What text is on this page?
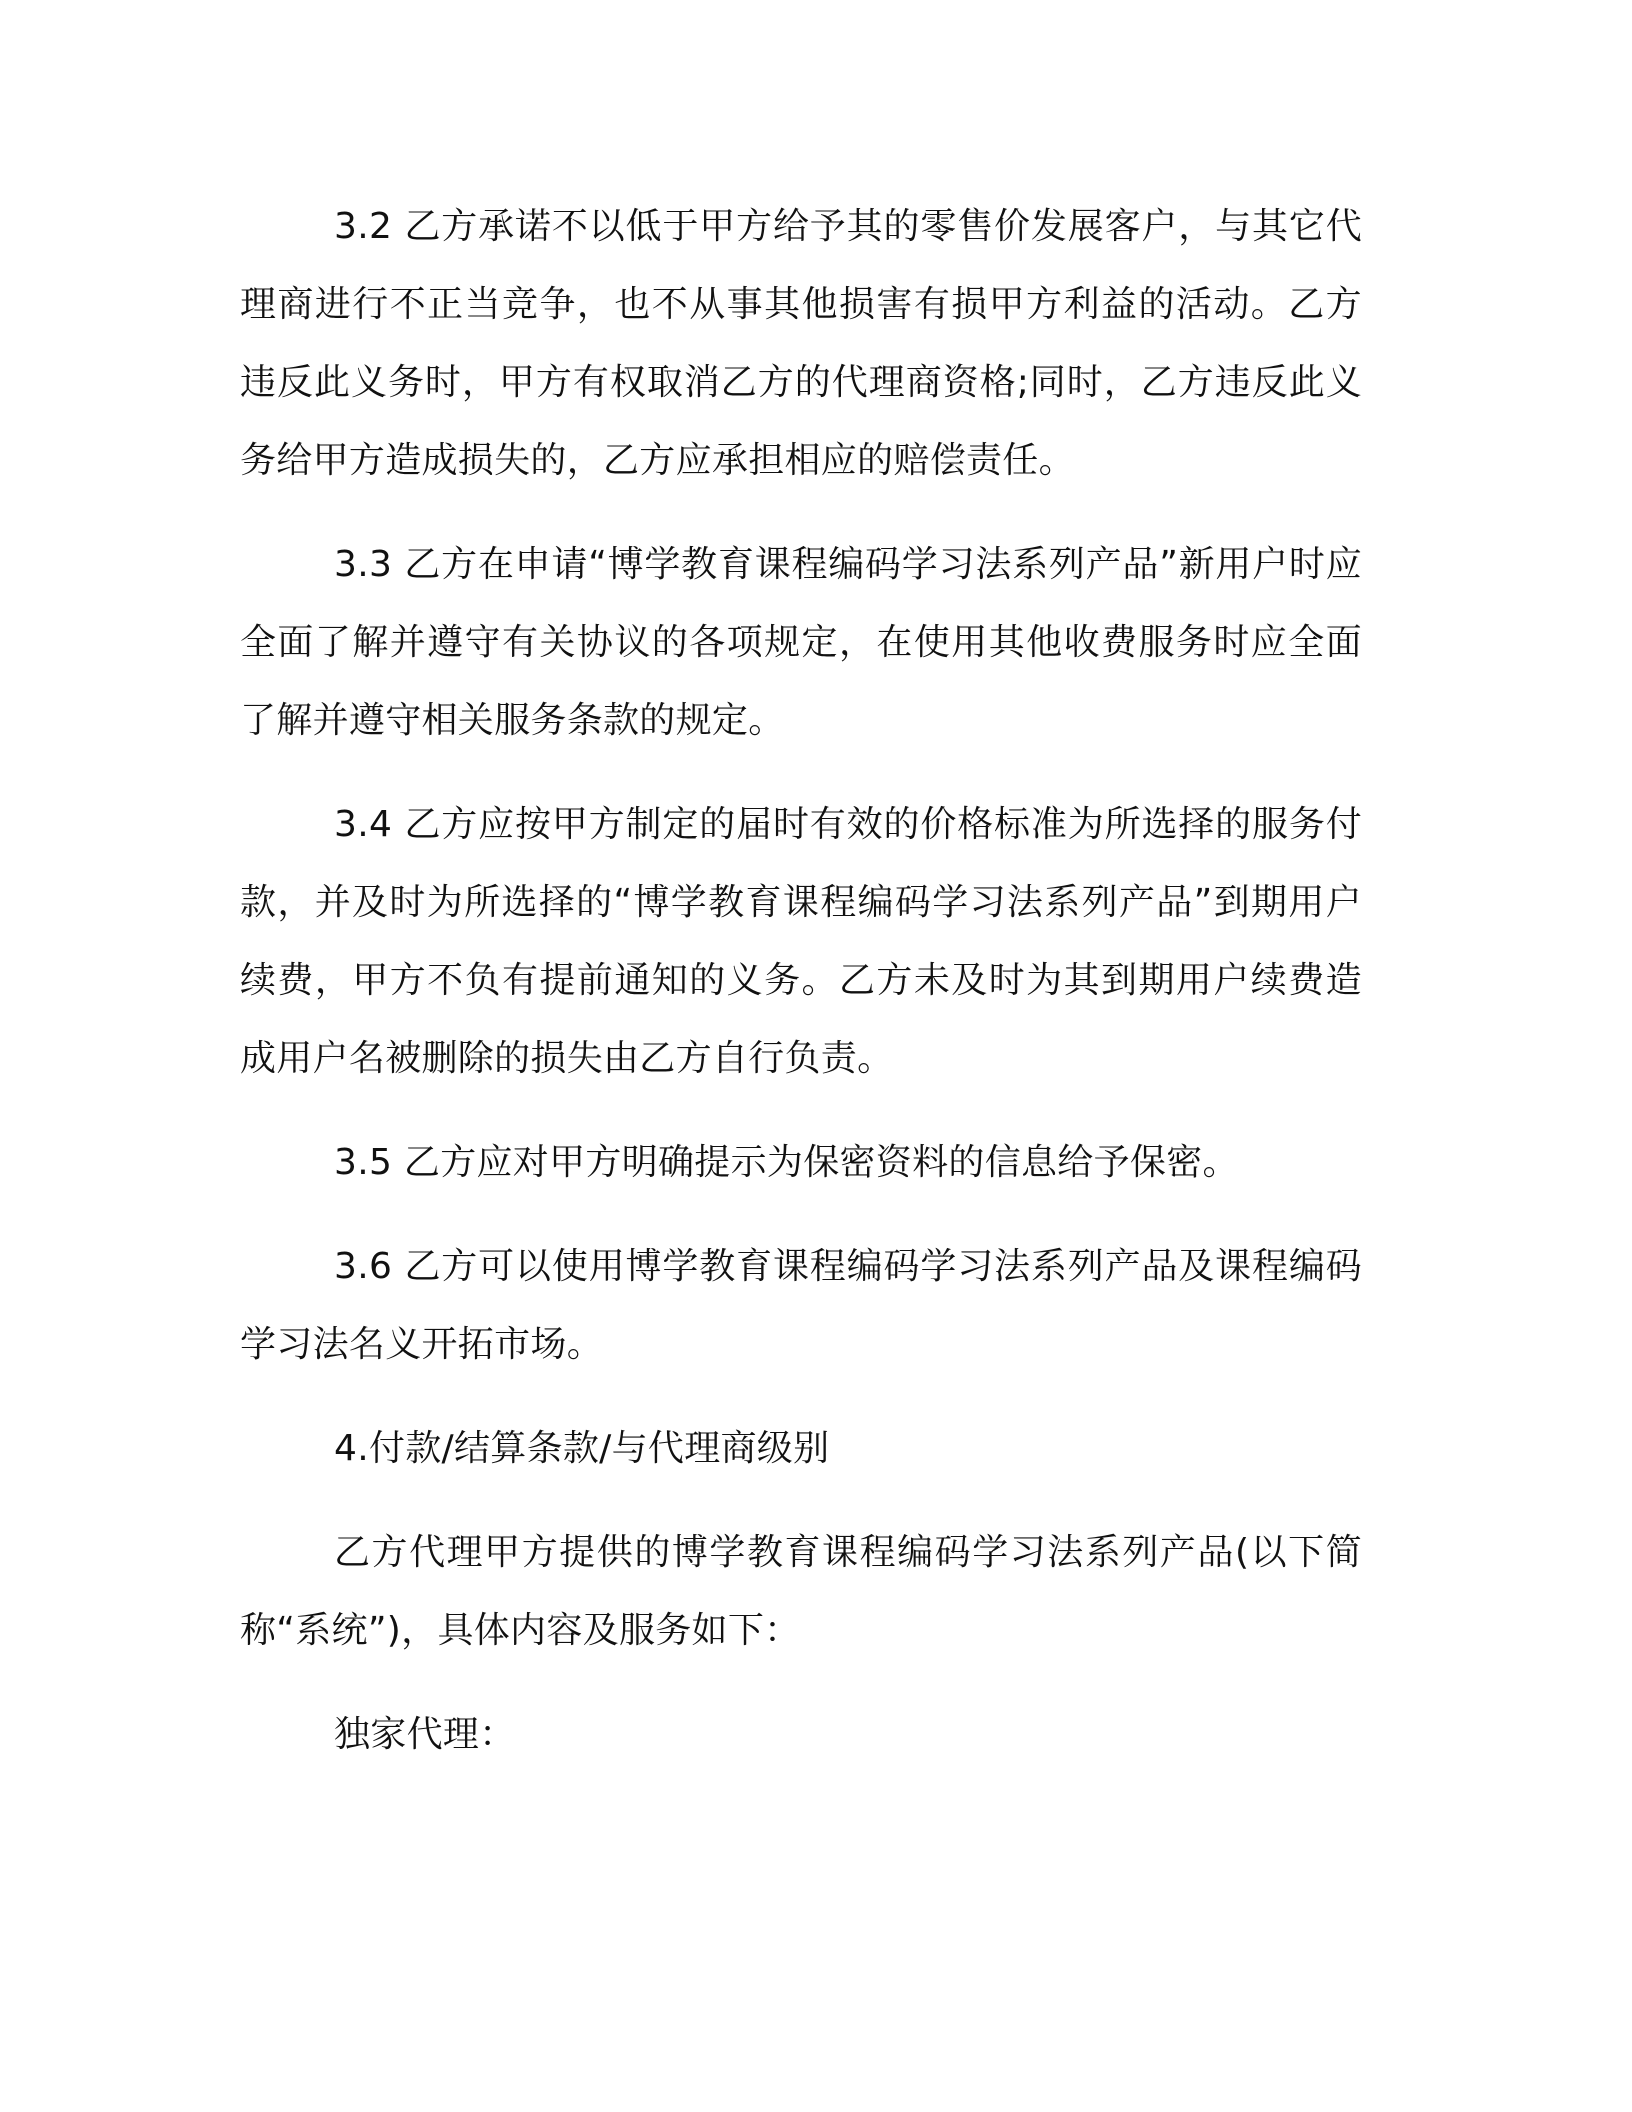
3.2 乙方承诺不以低于甲方给予其的零售价发展客户，与其它代理商进行不正当竞争，也不从事其他损害有损甲方利益的活动。乙方违反此义务时，甲方有权取消乙方的代理商资格;同时，乙方违反此义务给甲方造成损失的，乙方应承担相应的赔偿责任。

3.3 乙方在申请“博学教育课程编码学习法系列产品”新用户时应全面了解并遵守有关协议的各项规定，在使用其他收费服务时应全面了解并遵守相关服务条款的规定。

3.4 乙方应按甲方制定的届时有效的价格标准为所选择的服务付款，并及时为所选择的“博学教育课程编码学习法系列产品”到期用户续费，甲方不负有提前通知的义务。乙方未及时为其到期用户续费造成用户名被删除的损失由乙方自行负责。

3.5 乙方应对甲方明确提示为保密资料的信息给予保密。

3.6 乙方可以使用博学教育课程编码学习法系列产品及课程编码学习法名义开拓市场。

4.付款/结算条款/与代理商级别

乙方代理甲方提供的博学教育课程编码学习法系列产品(以下简称“系统”)，具体内容及服务如下：

独家代理：
